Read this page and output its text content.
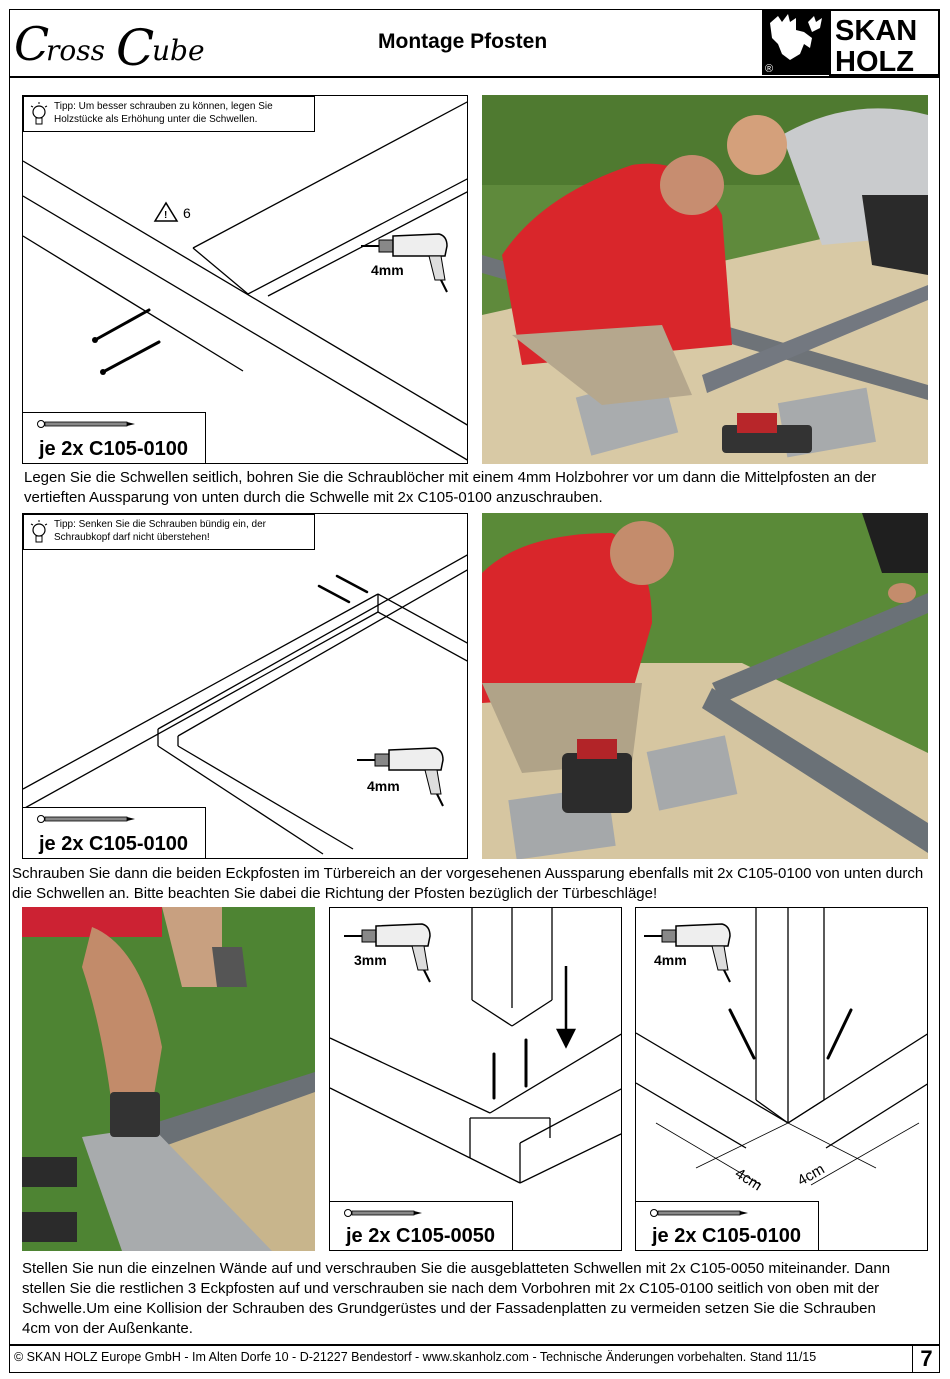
C
ross C
ube	Montage Pfosten	SKAN
HOLZ
®
! 6
4mm
Tipp: Um besser schrauben zu können, legen Sie Holzstücke als Erhöhung unter die Schwellen.
je 2x C105-0100
Legen Sie die Schwellen seitlich, bohren Sie die Schraublöcher mit einem 4mm Holzbohrer vor um dann die Mittelpfosten an der vertieften Aussparung von unten durch die Schwelle mit 2x C105-0100 anzuschrauben.
4mm
Tipp: Senken Sie die Schrauben bündig ein, der Schraubkopf darf nicht überstehen!
je 2x C105-0100
Schrauben Sie dann die beiden Eckpfosten im Türbereich an der vorgesehenen Aussparung ebenfalls mit 2x C105-0100 von unten durch die Schwellen an. Bitte beachten Sie dabei die Richtung der Pfosten bezüglich der Türbeschläge!
3mm
je 2x C105-0050
4cm 4cm
4mm
je 2x C105-0100
Stellen Sie nun die einzelnen Wände auf und verschrauben Sie die ausgeblatteten Schwellen mit 2x C105-0050 miteinander. Dann stellen Sie die restlichen 3 Eckpfosten auf und verschrauben sie nach dem Vorbohren mit 2x C105-0100 seitlich von oben mit der Schwelle.Um eine Kollision der Schrauben des Grundgerüstes und der Fassadenplatten zu vermeiden setzen Sie die Schrauben 4cm von der Außenkante.
© SKAN HOLZ Europe GmbH - Im Alten Dorfe 10 - D-21227 Bendestorf - www.skanholz.com - Technische Änderungen vorbehalten. Stand 11/15	7
